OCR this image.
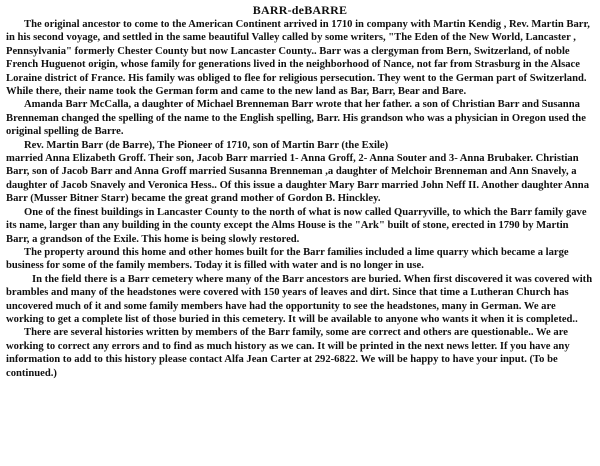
BARR-deBARRE

The original ancestor to come to the American Continent arrived in 1710 in company with Martin Kendig , Rev. Martin Barr, in his second voyage, and settled in the same beautiful Valley called by some writers, "The Eden of the New World, Lancaster , Pennsylvania" formerly Chester County but now Lancaster County.. Barr was a clergyman from Bern, Switzerland, of noble French Huguenot origin, whose family for generations lived in the neighborhood of Nance, not far from Strasburg in the Alsace Loraine district of France. His family was obliged to flee for religious persecution. They went to the German part of Switzerland. While there, their name took the German form and came to the new land as Bar, Barr, Bear and Bare.

Amanda Barr McCalla, a daughter of Michael Brenneman Barr wrote that her father. a son of Christian Barr and Susanna Brenneman changed the spelling of the name to the English spelling, Barr. His grandson who was a physician in Oregon used the original spelling de Barre.

Rev. Martin Barr (de Barre), The Pioneer of 1710, son of Martin Barr (the Exile)

married Anna Elizabeth Groff. Their son, Jacob Barr married 1- Anna Groff, 2- Anna Souter and 3- Anna Brubaker. Christian Barr, son of Jacob Barr and Anna Groff married Susanna Brenneman ,a daughter of Melchoir Brenneman and Ann Snavely, a daughter of Jacob Snavely and Veronica Hess.. Of this issue a daughter Mary Barr married John Neff II. Another daughter Anna Barr (Musser Bitner Starr) became the great grand mother of Gordon B. Hinckley.

One of the finest buildings in Lancaster County to the north of what is now called Quarryville, to which the Barr family gave its name, larger than any building in the county except the Alms House is the "Ark" built of stone, erected in 1790 by Martin Barr, a grandson of the Exile. This home is being slowly restored.

The property around this home and other homes built for the Barr families included a lime quarry which became a large business for some of the family members. Today it is filled with water and is no longer in use.

In the field there is a Barr cemetery where many of the Barr ancestors are buried. When first discovered it was covered with brambles and many of the headstones were covered with 150 years of leaves and dirt. Since that time a Lutheran Church has uncovered much of it and some family members have had the opportunity to see the headstones, many in German. We are working to get a complete list of those buried in this cemetery. It will be available to anyone who wants it when it is completed..

There are several histories written by members of the Barr family, some are correct and others are questionable.. We are working to correct any errors and to find as much history as we can. It will be printed in the next news letter. If you have any information to add to this history please contact Alfa Jean Carter at 292-6822. We will be happy to have your input. (To be continued.)
